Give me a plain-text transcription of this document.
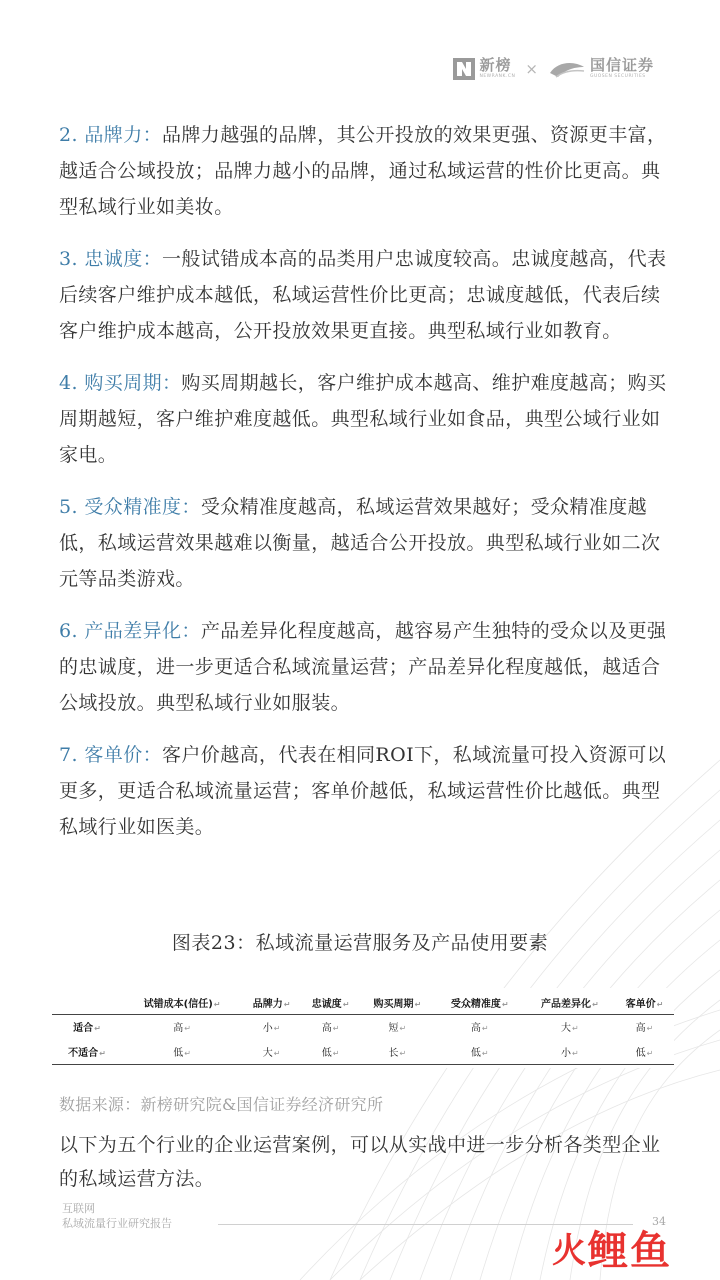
新榜
NEWRANK.CN ×	国信证券
GUOSEN SECURITIES

2. 品牌力：品牌力越强的品牌，其公开投放的效果更强、资源更丰富，越适合公域投放；品牌力越小的品牌，通过私域运营的性价比更高。典型私域行业如美妆。

3. 忠诚度：一般试错成本高的品类用户忠诚度较高。忠诚度越高，代表后续客户维护成本越低，私域运营性价比更高；忠诚度越低，代表后续客户维护成本越高，公开投放效果更直接。典型私域行业如教育。

4. 购买周期：购买周期越长，客户维护成本越高、维护难度越高；购买周期越短，客户维护难度越低。典型私域行业如食品，典型公域行业如家电。

5. 受众精准度：受众精准度越高，私域运营效果越好；受众精准度越低，私域运营效果越难以衡量，越适合公开投放。典型私域行业如二次元等品类游戏。

6. 产品差异化：产品差异化程度越高，越容易产生独特的受众以及更强的忠诚度，进一步更适合私域流量运营；产品差异化程度越低，越适合公域投放。典型私域行业如服装。

7. 客单价：客户价越高，代表在相同ROI下，私域流量可投入资源可以更多，更适合私域流量运营；客单价越低，私域运营性价比越低。典型私域行业如医美。

图表23：私域流量运营服务及产品使用要素
	试错成本(信任)↵	品牌力↵	忠诚度↵	购买周期↵	受众精准度↵	产品差异化↵	客单价↵
适合↵	高↵	小↵	高↵	短↵	高↵	大↵	高↵
不适合↵	低↵	大↵	低↵	长↵	低↵	小↵	低↵
数据来源：新榜研究院&国信证券经济研究所

以下为五个行业的企业运营案例，可以从实战中进一步分析各类型企业的私域运营方法。

互联网
私域流量行业研究报告	34
火 鲤 鱼
